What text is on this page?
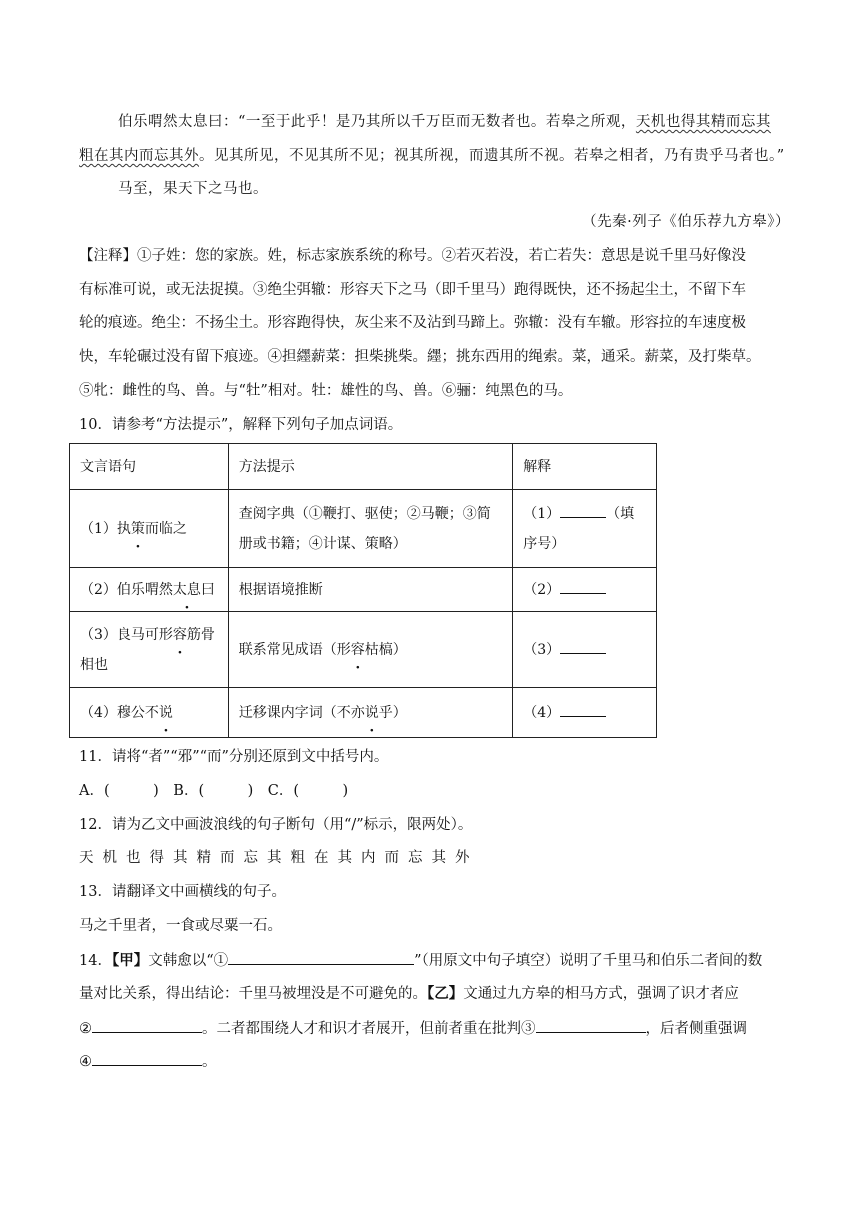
伯乐喟然太息曰：“一至于此乎！是乃其所以千万臣而无数者也。若皋之所观，天机也得其精而忘其
粗在其内而忘其外。见其所见，不见其所不见；视其所视，而遗其所不视。若皋之相者，乃有贵乎马者也。”
马至，果天下之马也。
（先秦·列子《伯乐荐九方皋》）
【注释】①子姓：您的家族。姓，标志家族系统的称号。②若灭若没，若亡若失：意思是说千里马好像没
有标准可说，或无法捉摸。③绝尘弭辙：形容天下之马（即千里马）跑得既快，还不扬起尘土，不留下车
轮的痕迹。绝尘：不扬尘土。形容跑得快，灰尘来不及沾到马蹄上。弥辙：没有车辙。形容拉的车速度极
快，车轮碾过没有留下痕迹。④担纆薪菜：担柴挑柴。纆；挑东西用的绳索。菜，通采。薪菜，及打柴草。
⑤牝：雌性的鸟、兽。与“牡”相对。牡：雄性的鸟、兽。⑥骊：纯黑色的马。
10．请参考“方法提示”，解释下列句子加点词语。
文言语句	方法提示	解释
（1）执策而临之	查阅字典（①鞭打、驱使；②马鞭；③简册或书籍；④计谋、策略）	（1） （填序号）
（2）伯乐喟然太息曰	根据语境推断	（2）
（3）良马可形容筋骨相也	联系常见成语（形容枯槁）	（3）
（4）穆公不说	迁移课内字词（不亦说乎）	（4）
11．请将“者”“邪”“而”分别还原到文中括号内。
A．(　　　)　B．(　　　)　C．(　　　)
12．请为乙文中画波浪线的句子断句（用“/”标示，限两处）。
天机也得其精而忘其粗在其内而忘其外
13．请翻译文中画横线的句子。
马之千里者，一食或尽粟一石。
14．【甲】文韩愈以“①	”（用原文中句子填空）说明了千里马和伯乐二者间的数
量对比关系，得出结论：千里马被埋没是不可避免的。【乙】文通过九方皋的相马方式，强调了识才者应
②	。二者都围绕人才和识才者展开，但前者重在批判③	，后者侧重强调
④	。
